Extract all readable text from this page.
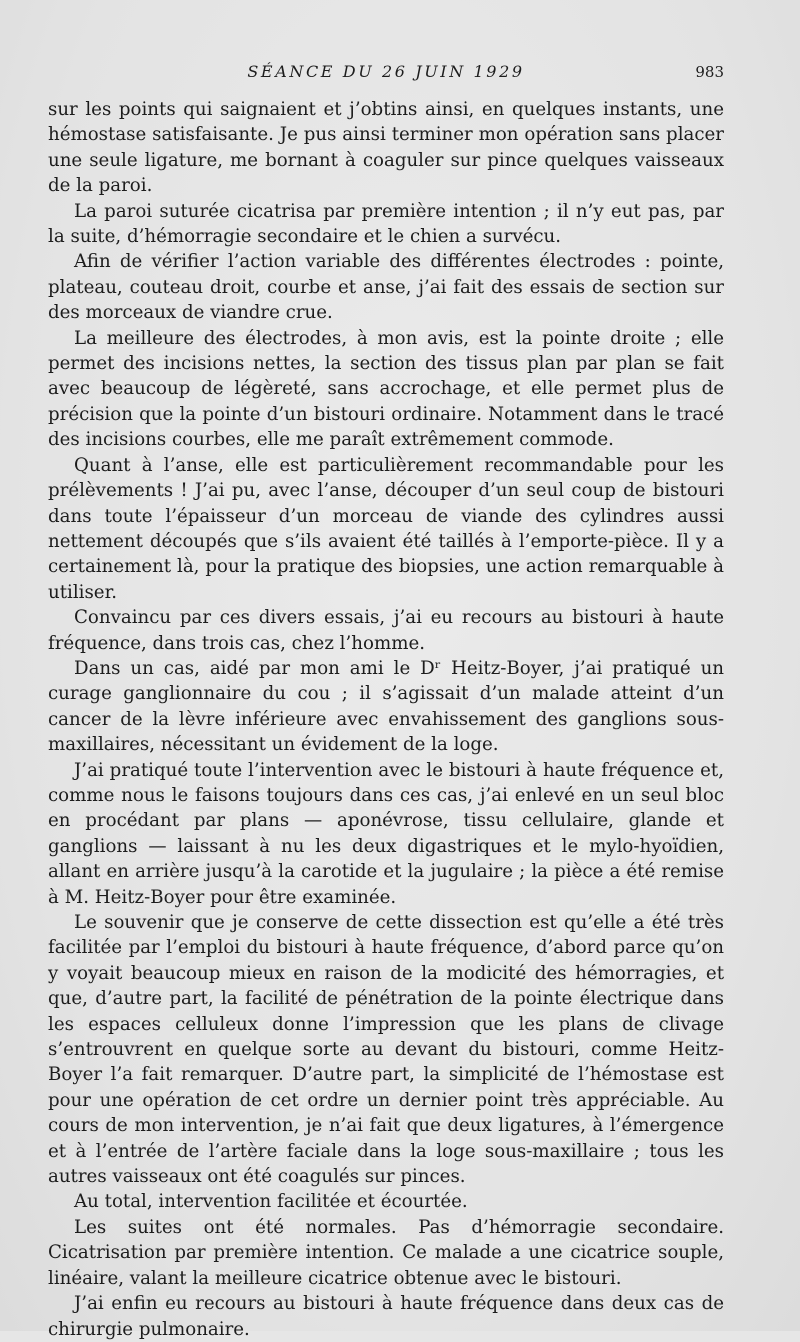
SÉANCE DU 26 JUIN 1929	983

sur les points qui saignaient et j’obtins ainsi, en quelques instants, une hémostase satisfaisante. Je pus ainsi terminer mon opération sans placer une seule ligature, me bornant à coaguler sur pince quelques vaisseaux de la paroi.

La paroi suturée cicatrisa par première intention ; il n’y eut pas, par la suite, d’hémorragie secondaire et le chien a survécu.

Afin de vérifier l’action variable des différentes électrodes : pointe, plateau, couteau droit, courbe et anse, j’ai fait des essais de section sur des morceaux de viandre crue.

La meilleure des électrodes, à mon avis, est la pointe droite ; elle permet des incisions nettes, la section des tissus plan par plan se fait avec beaucoup de légèreté, sans accrochage, et elle permet plus de précision que la pointe d’un bistouri ordinaire. Notamment dans le tracé des incisions courbes, elle me paraît extrêmement commode.

Quant à l’anse, elle est particulièrement recommandable pour les prélèvements ! J’ai pu, avec l’anse, découper d’un seul coup de bistouri dans toute l’épaisseur d’un morceau de viande des cylindres aussi nettement découpés que s’ils avaient été taillés à l’emporte-pièce. Il y a certainement là, pour la pratique des biopsies, une action remarquable à utiliser.

Convaincu par ces divers essais, j’ai eu recours au bistouri à haute fréquence, dans trois cas, chez l’homme.

Dans un cas, aidé par mon ami le Dʳ Heitz-Boyer, j’ai pratiqué un curage ganglionnaire du cou ; il s’agissait d’un malade atteint d’un cancer de la lèvre inférieure avec envahissement des ganglions sous-maxillaires, nécessitant un évidement de la loge.

J’ai pratiqué toute l’intervention avec le bistouri à haute fréquence et, comme nous le faisons toujours dans ces cas, j’ai enlevé en un seul bloc en procédant par plans — aponévrose, tissu cellulaire, glande et ganglions — laissant à nu les deux digastriques et le mylo-hyoïdien, allant en arrière jusqu’à la carotide et la jugulaire ; la pièce a été remise à M. Heitz-Boyer pour être examinée.

Le souvenir que je conserve de cette dissection est qu’elle a été très facilitée par l’emploi du bistouri à haute fréquence, d’abord parce qu’on y voyait beaucoup mieux en raison de la modicité des hémorragies, et que, d’autre part, la facilité de pénétration de la pointe électrique dans les espaces celluleux donne l’impression que les plans de clivage s’entrouvrent en quelque sorte au devant du bistouri, comme Heitz-Boyer l’a fait remarquer. D’autre part, la simplicité de l’hémostase est pour une opération de cet ordre un dernier point très appréciable. Au cours de mon intervention, je n’ai fait que deux ligatures, à l’émergence et à l’entrée de l’artère faciale dans la loge sous-maxillaire ; tous les autres vaisseaux ont été coagulés sur pinces.

Au total, intervention facilitée et écourtée.

Les suites ont été normales. Pas d’hémorragie secondaire. Cicatrisation par première intention. Ce malade a une cicatrice souple, linéaire, valant la meilleure cicatrice obtenue avec le bistouri.

J’ai enfin eu recours au bistouri à haute fréquence dans deux cas de chirurgie pulmonaire.
